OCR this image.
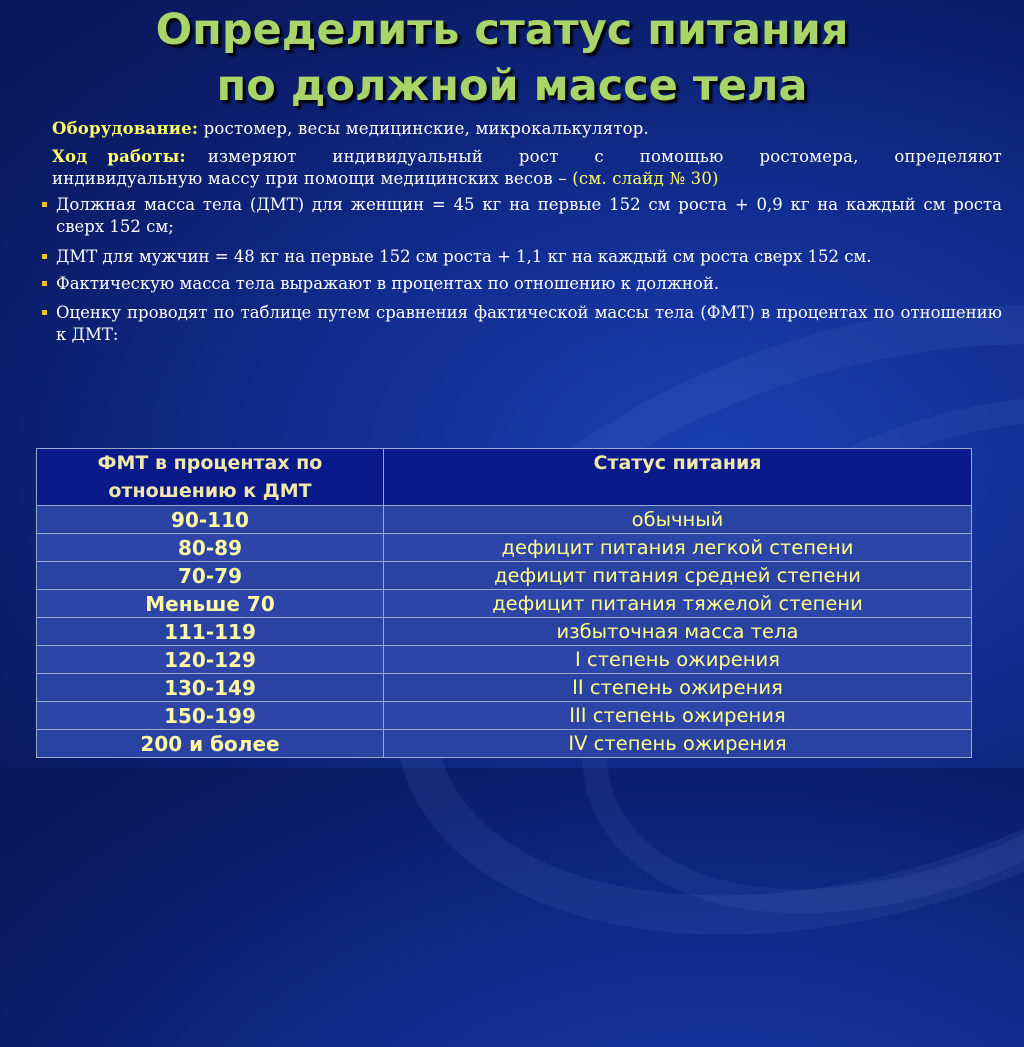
Определить статус питания
по должной массе тела
Оборудование: ростомер, весы медицинские, микрокалькулятор.
Ход работы: измеряют индивидуальный рост с помощью ростомера, определяют
индивидуальную массу при помощи медицинских весов – (см. слайд № 30)
Должная масса тела (ДМТ) для женщин = 45 кг на первые 152 см роста + 0,9 кг на каждый см роста сверх 152 см;
ДМТ для мужчин = 48 кг на первые 152 см роста + 1,1 кг на каждый см роста сверх 152 см.
Фактическую масса тела выражают в процентах по отношению к должной.
Оценку проводят по таблице путем сравнения фактической массы тела (ФМТ) в процентах по отношению к ДМТ:
ФМТ в процентах по отношению к ДМТ	Статус питания
90-110	обычный
80-89	дефицит питания легкой степени
70-79	дефицит питания средней степени
Меньше 70	дефицит питания тяжелой степени
111-119	избыточная масса тела
120-129	I степень ожирения
130-149	II степень ожирения
150-199	III степень ожирения
200 и более	IV степень ожирения
